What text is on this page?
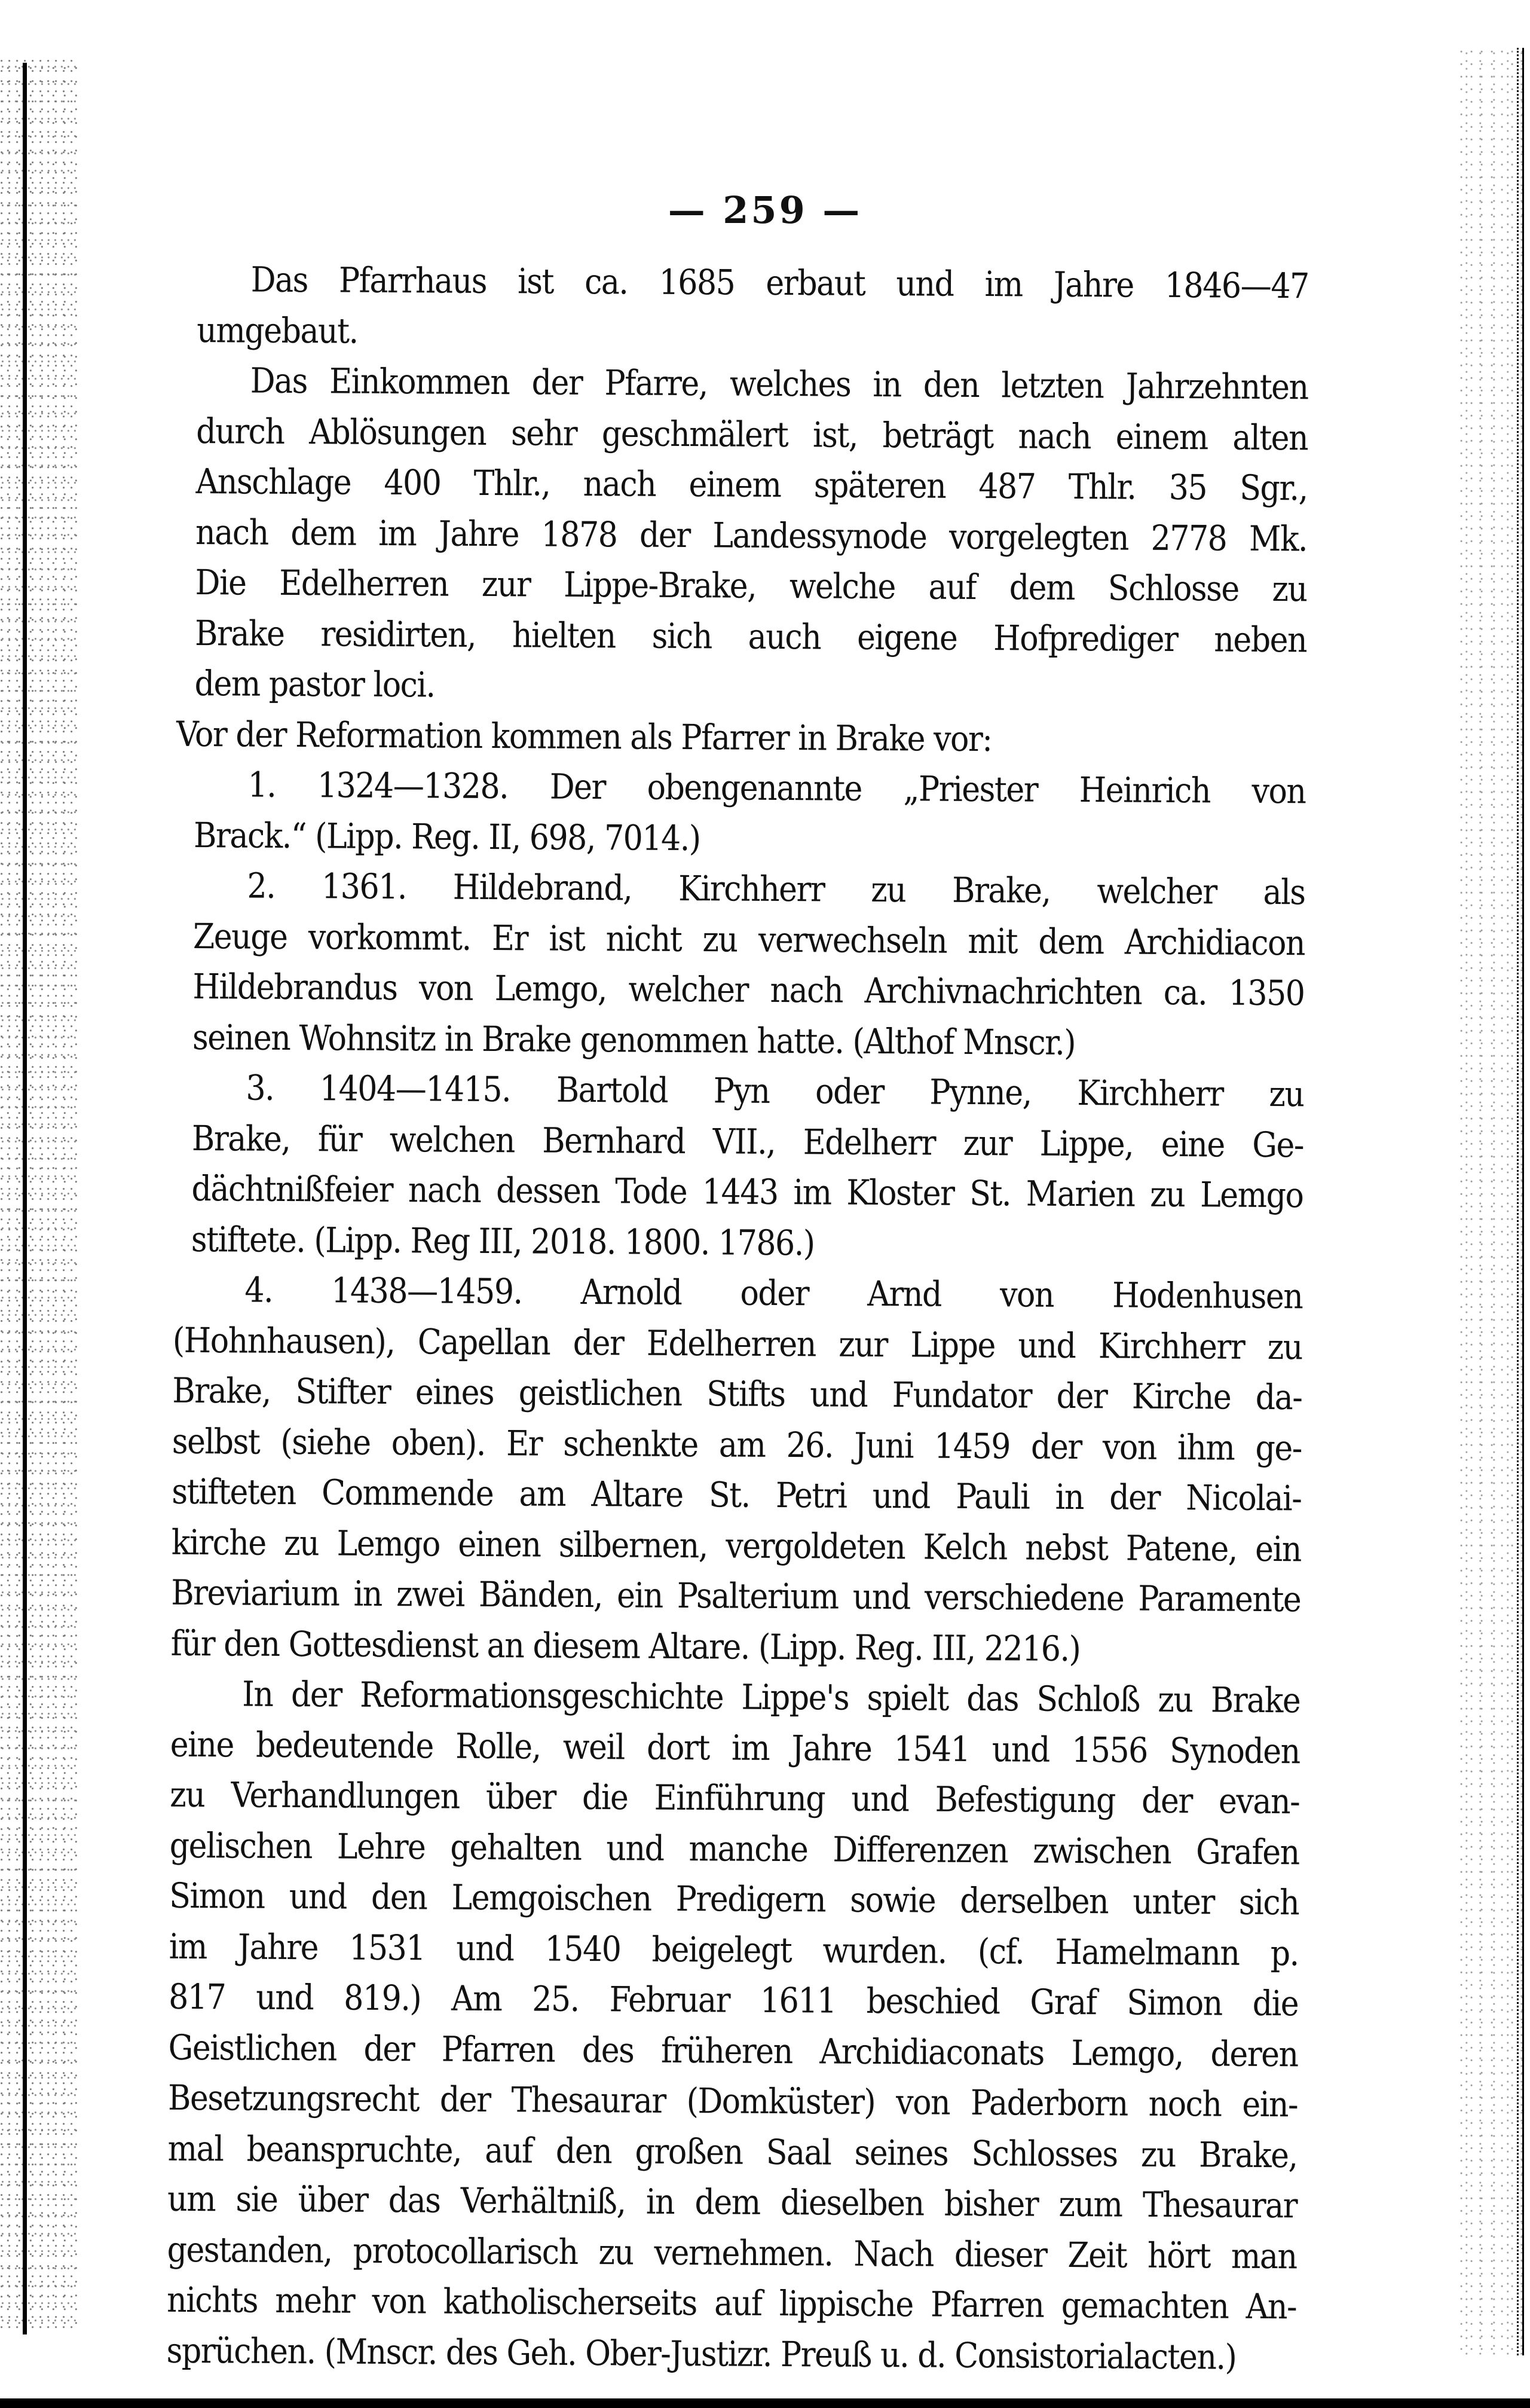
— 259 —
Das Pfarrhaus ist ca. 1685 erbaut und im Jahre 1846—47
umgebaut.
Das Einkommen der Pfarre, welches in den letzten Jahrzehnten
durch Ablösungen sehr geschmälert ist, beträgt nach einem alten
Anschlage 400 Thlr., nach einem späteren 487 Thlr. 35 Sgr.,
nach dem im Jahre 1878 der Landessynode vorgelegten 2778 Mk.
Die Edelherren zur Lippe-Brake, welche auf dem Schlosse zu
Brake residirten, hielten sich auch eigene Hofprediger neben
dem pastor loci.
Vor der Reformation kommen als Pfarrer in Brake vor:
1. 1324—1328. Der obengenannte „Priester Heinrich von
Brack.“ (Lipp. Reg. II, 698, 7014.)
2. 1361. Hildebrand, Kirchherr zu Brake, welcher als
Zeuge vorkommt. Er ist nicht zu verwechseln mit dem Archidiacon
Hildebrandus von Lemgo, welcher nach Archivnachrichten ca. 1350
seinen Wohnsitz in Brake genommen hatte. (Althof Mnscr.)
3. 1404—1415. Bartold Pyn oder Pynne, Kirchherr zu
Brake, für welchen Bernhard VII., Edelherr zur Lippe, eine Ge-
dächtnißfeier nach dessen Tode 1443 im Kloster St. Marien zu Lemgo
stiftete. (Lipp. Reg III, 2018. 1800. 1786.)
4. 1438—1459. Arnold oder Arnd von Hodenhusen
(Hohnhausen), Capellan der Edelherren zur Lippe und Kirchherr zu
Brake, Stifter eines geistlichen Stifts und Fundator der Kirche da-
selbst (siehe oben). Er schenkte am 26. Juni 1459 der von ihm ge-
stifteten Commende am Altare St. Petri und Pauli in der Nicolai-
kirche zu Lemgo einen silbernen, vergoldeten Kelch nebst Patene, ein
Breviarium in zwei Bänden, ein Psalterium und verschiedene Paramente
für den Gottesdienst an diesem Altare. (Lipp. Reg. III, 2216.)
In der Reformationsgeschichte Lippe's spielt das Schloß zu Brake
eine bedeutende Rolle, weil dort im Jahre 1541 und 1556 Synoden
zu Verhandlungen über die Einführung und Befestigung der evan-
gelischen Lehre gehalten und manche Differenzen zwischen Grafen
Simon und den Lemgoischen Predigern sowie derselben unter sich
im Jahre 1531 und 1540 beigelegt wurden. (cf. Hamelmann p.
817 und 819.) Am 25. Februar 1611 beschied Graf Simon die
Geistlichen der Pfarren des früheren Archidiaconats Lemgo, deren
Besetzungsrecht der Thesaurar (Domküster) von Paderborn noch ein-
mal beanspruchte, auf den großen Saal seines Schlosses zu Brake,
um sie über das Verhältniß, in dem dieselben bisher zum Thesaurar
gestanden, protocollarisch zu vernehmen. Nach dieser Zeit hört man
nichts mehr von katholischerseits auf lippische Pfarren gemachten An-
sprüchen. (Mnscr. des Geh. Ober-Justizr. Preuß u. d. Consistorialacten.)
